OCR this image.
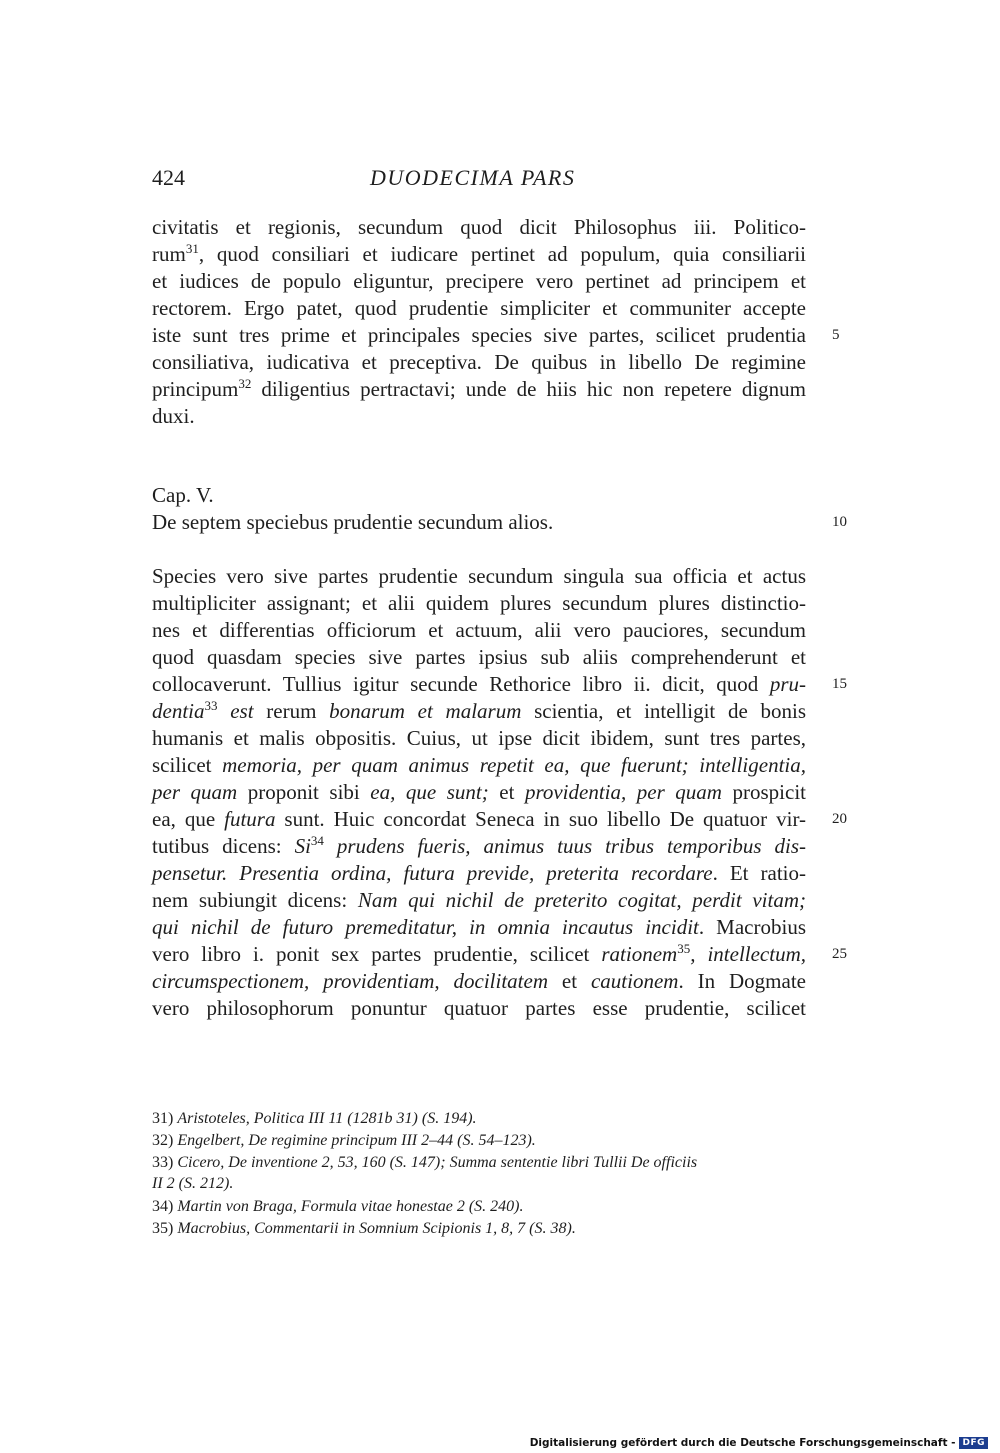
424	DUODECIMA PARS
civitatis et regionis, secundum quod dicit Philosophus iii. Politico-
rum$^{31}$, quod consiliari et iudicare pertinet ad populum, quia consiliarii
et iudices de populo eliguntur, precipere vero pertinet ad principem et
rectorem. Ergo patet, quod prudentie simpliciter et communiter accepte
iste sunt tres prime et principales species sive partes, scilicet prudentia
consiliativa, iudicativa et preceptiva. De quibus in libello De regimine
principum$^{32}$ diligentius pertractavi; unde de hiis hic non repetere dignum
duxi.
Cap. V.
De septem speciebus prudentie secundum alios.
Species vero sive partes prudentie secundum singula sua officia et actus
multipliciter assignant; et alii quidem plures secundum plures distinctio-
nes et differentias officiorum et actuum, alii vero pauciores, secundum
quod quasdam species sive partes ipsius sub aliis comprehenderunt et
collocaverunt. Tullius igitur secunde Rethorice libro ii. dicit, quod pru-
dentia$^{33}$ est rerum bonarum et malarum scientia, et intelligit de bonis
humanis et malis obpositis. Cuius, ut ipse dicit ibidem, sunt tres partes,
scilicet memoria, per quam animus repetit ea, que fuerunt; intelligentia,
per quam proponit sibi ea, que sunt; et providentia, per quam prospicit
ea, que futura sunt. Huic concordat Seneca in suo libello De quatuor vir-
tutibus dicens: Si$^{34}$ prudens fueris, animus tuus tribus temporibus dis-
pensetur. Presentia ordina, futura previde, preterita recordare. Et ratio-
nem subiungit dicens: Nam qui nichil de preterito cogitat, perdit vitam;
qui nichil de futuro premeditatur, in omnia incautus incidit. Macrobius
vero libro i. ponit sex partes prudentie, scilicet rationem$^{35}$, intellectum,
circumspectionem, providentiam, docilitatem et cautionem. In Dogmate
vero philosophorum ponuntur quatuor partes esse prudentie, scilicet
5
10
15
20
25
31) Aristoteles, Politica III 11 (1281b 31) (S. 194).
32) Engelbert, De regimine principum III 2–44 (S. 54–123).
33) Cicero, De inventione 2, 53, 160 (S. 147); Summa sententie libri Tullii De officiis
II 2 (S. 212).
34) Martin von Braga, Formula vitae honestae 2 (S. 240).
35) Macrobius, Commentarii in Somnium Scipionis 1, 8, 7 (S. 38).
Digitalisierung gefördert durch die Deutsche Forschungsgemeinschaft - DFG
